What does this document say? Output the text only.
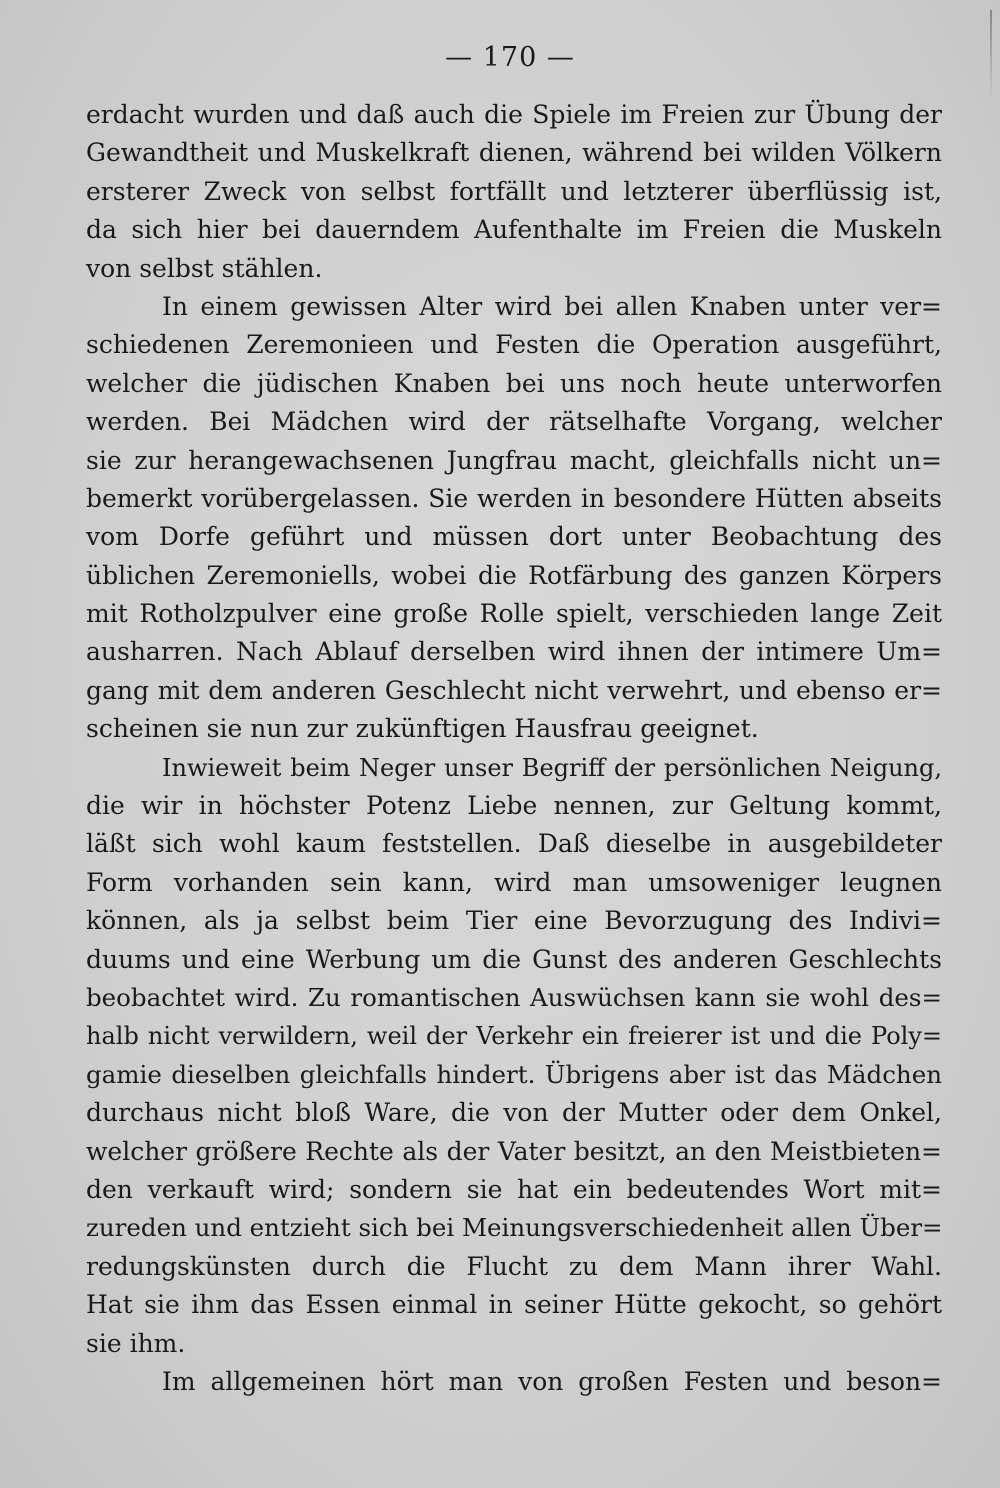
— 170 —
erdacht wurden und daß auch die Spiele im Freien zur Übung der
Gewandtheit und Muskelkraft dienen, während bei wilden Völkern
ersterer Zweck von selbst fortfällt und letzterer überflüssig ist,
da sich hier bei dauerndem Aufenthalte im Freien die Muskeln
von selbst stählen.
In einem gewissen Alter wird bei allen Knaben unter ver=
schiedenen Zeremonieen und Festen die Operation ausgeführt,
welcher die jüdischen Knaben bei uns noch heute unterworfen
werden. Bei Mädchen wird der rätselhafte Vorgang, welcher
sie zur herangewachsenen Jungfrau macht, gleichfalls nicht un=
bemerkt vorübergelassen. Sie werden in besondere Hütten abseits
vom Dorfe geführt und müssen dort unter Beobachtung des
üblichen Zeremoniells, wobei die Rotfärbung des ganzen Körpers
mit Rotholzpulver eine große Rolle spielt, verschieden lange Zeit
ausharren. Nach Ablauf derselben wird ihnen der intimere Um=
gang mit dem anderen Geschlecht nicht verwehrt, und ebenso er=
scheinen sie nun zur zukünftigen Hausfrau geeignet.
Inwieweit beim Neger unser Begriff der persönlichen Neigung,
die wir in höchster Potenz Liebe nennen, zur Geltung kommt,
läßt sich wohl kaum feststellen. Daß dieselbe in ausgebildeter
Form vorhanden sein kann, wird man umsoweniger leugnen
können, als ja selbst beim Tier eine Bevorzugung des Indivi=
duums und eine Werbung um die Gunst des anderen Geschlechts
beobachtet wird. Zu romantischen Auswüchsen kann sie wohl des=
halb nicht verwildern, weil der Verkehr ein freierer ist und die Poly=
gamie dieselben gleichfalls hindert. Übrigens aber ist das Mädchen
durchaus nicht bloß Ware, die von der Mutter oder dem Onkel,
welcher größere Rechte als der Vater besitzt, an den Meistbieten=
den verkauft wird; sondern sie hat ein bedeutendes Wort mit=
zureden und entzieht sich bei Meinungsverschiedenheit allen Über=
redungskünsten durch die Flucht zu dem Mann ihrer Wahl.
Hat sie ihm das Essen einmal in seiner Hütte gekocht, so gehört
sie ihm.
Im allgemeinen hört man von großen Festen und beson=
